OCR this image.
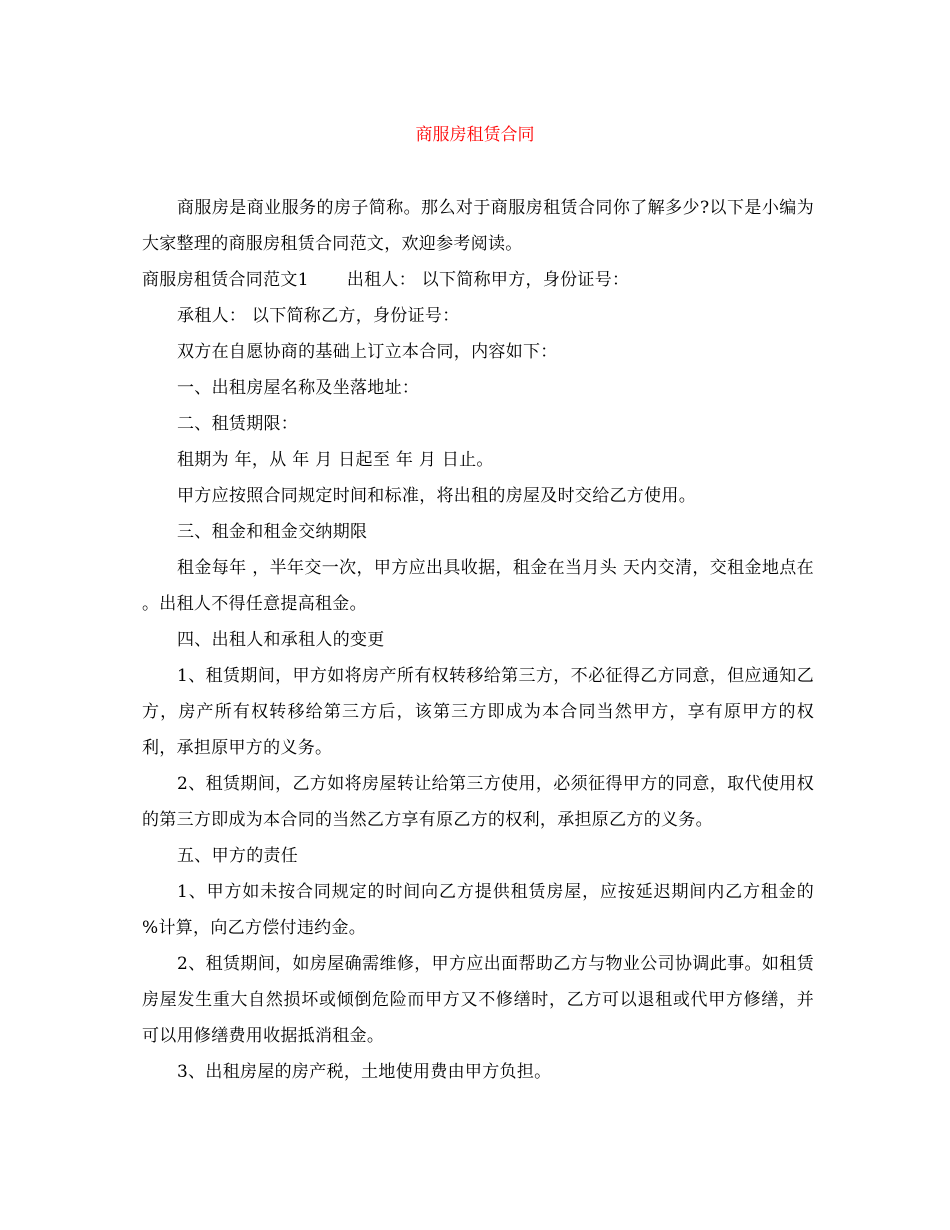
商服房租赁合同

商服房是商业服务的房子简称。那么对于商服房租赁合同你了解多少?以下是小编为大家整理的商服房租赁合同范文，欢迎参考阅读。

商服房租赁合同范文1 出租人： 以下简称甲方，身份证号：

承租人： 以下简称乙方，身份证号：

双方在自愿协商的基础上订立本合同，内容如下：

一、出租房屋名称及坐落地址：

二、租赁期限：

租期为 年，从 年 月 日起至 年 月 日止。

甲方应按照合同规定时间和标准，将出租的房屋及时交给乙方使用。

三、租金和租金交纳期限

租金每年 ，半年交一次，甲方应出具收据，租金在当月头 天内交清，交租金地点在 。出租人不得任意提高租金。

四、出租人和承租人的变更

1、租赁期间，甲方如将房产所有权转移给第三方，不必征得乙方同意，但应通知乙方，房产所有权转移给第三方后，该第三方即成为本合同当然甲方，享有原甲方的权利，承担原甲方的义务。

2、租赁期间，乙方如将房屋转让给第三方使用，必须征得甲方的同意，取代使用权的第三方即成为本合同的当然乙方享有原乙方的权利，承担原乙方的义务。

五、甲方的责任

1、甲方如未按合同规定的时间向乙方提供租赁房屋，应按延迟期间内乙方租金的 %计算，向乙方偿付违约金。

2、租赁期间，如房屋确需维修，甲方应出面帮助乙方与物业公司协调此事。如租赁房屋发生重大自然损坏或倾倒危险而甲方又不修缮时，乙方可以退租或代甲方修缮，并可以用修缮费用收据抵消租金。

3、出租房屋的房产税，土地使用费由甲方负担。
